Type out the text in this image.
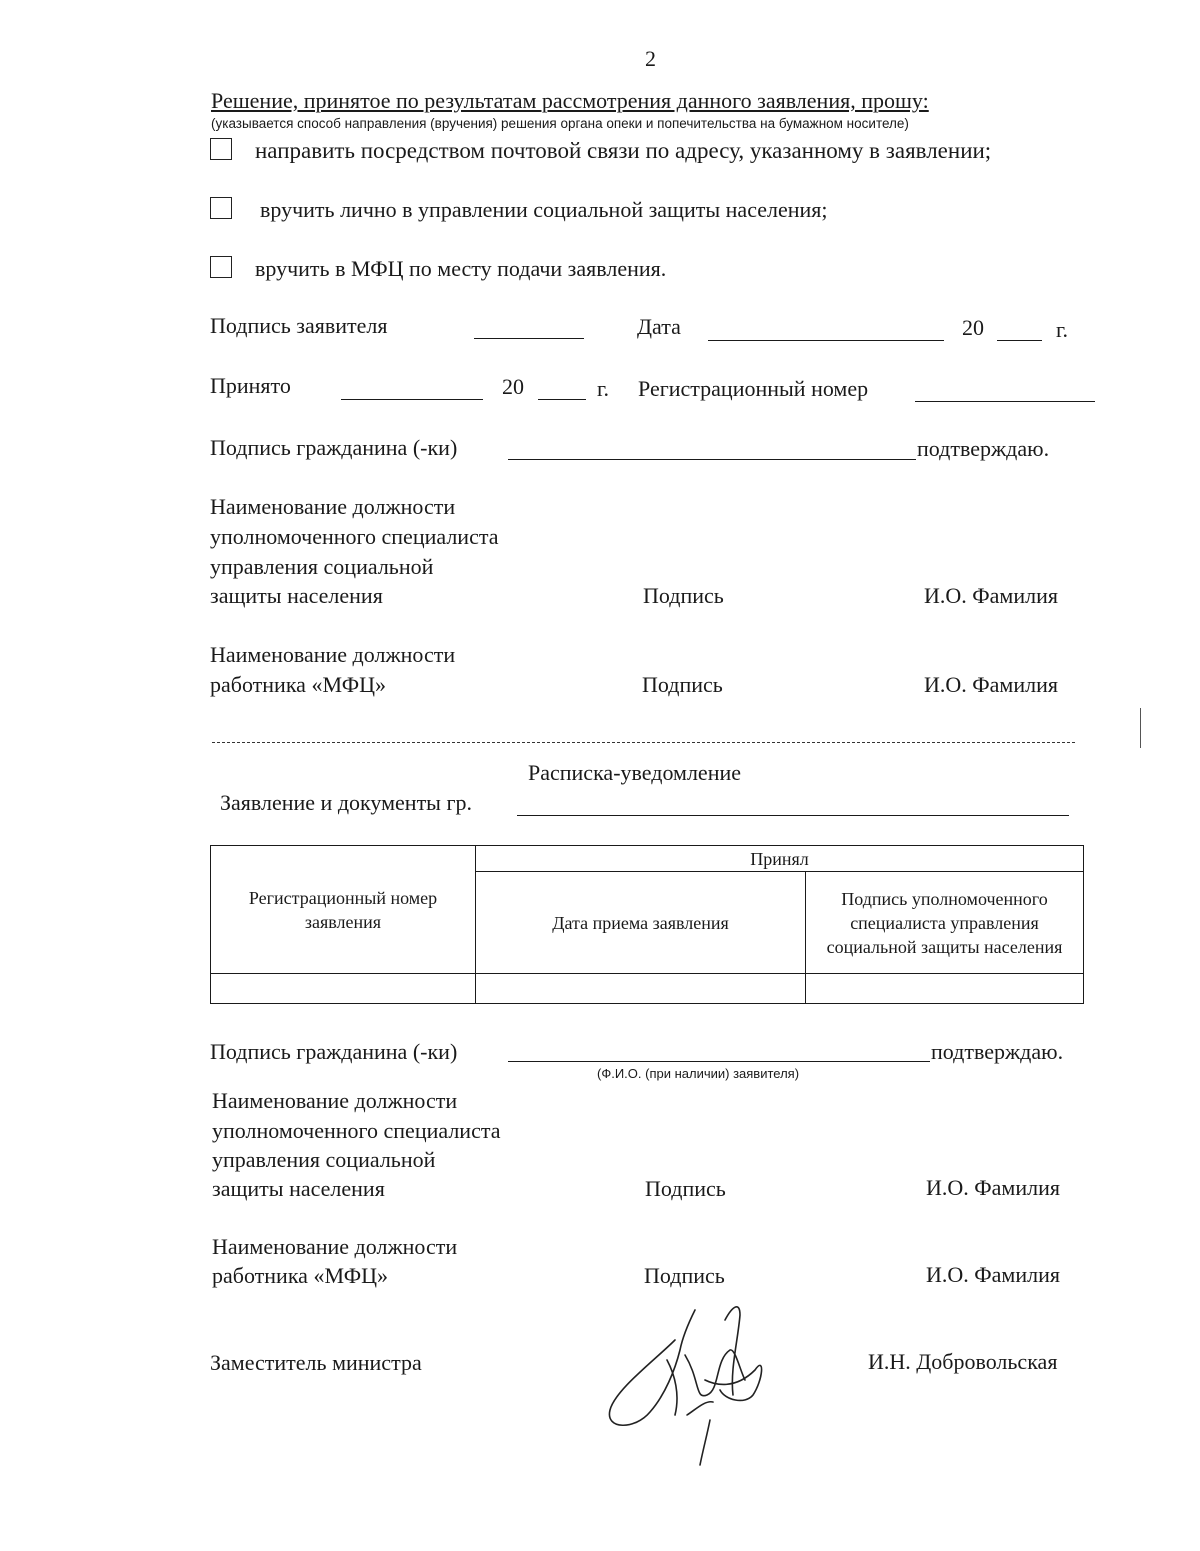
2
Решение, принятое по результатам рассмотрения данного заявления, прошу:
(указывается способ направления (вручения) решения органа опеки и попечительства на бумажном носителе)
направить посредством почтовой связи по адресу, указанному в заявлении;
вручить лично в управлении социальной защиты населения;
вручить в МФЦ по месту подачи заявления.
Подпись заявителя	Дата	20	г.
Принято	20	г. Регистрационный номер
Подпись гражданина (-ки)	подтверждаю.
Наименование должности
уполномоченного специалиста
управления социальной
защиты населения	Подпись	И.О. Фамилия
Наименование должности
работника «МФЦ»	Подпись	И.О. Фамилия
Расписка-уведомление
Заявление и документы гр.
Регистрационный номер заявления	Принял	
	Дата приема заявления	Подпись уполномоченного специалиста управления социальной защиты населения

Подпись гражданина (-ки)	подтверждаю.
(Ф.И.О. (при наличии) заявителя)
Наименование должности
уполномоченного специалиста
управления социальной
защиты населения	Подпись	И.О. Фамилия
Наименование должности
работника «МФЦ»	Подпись	И.О. Фамилия
Заместитель министра	И.Н. Добровольская
